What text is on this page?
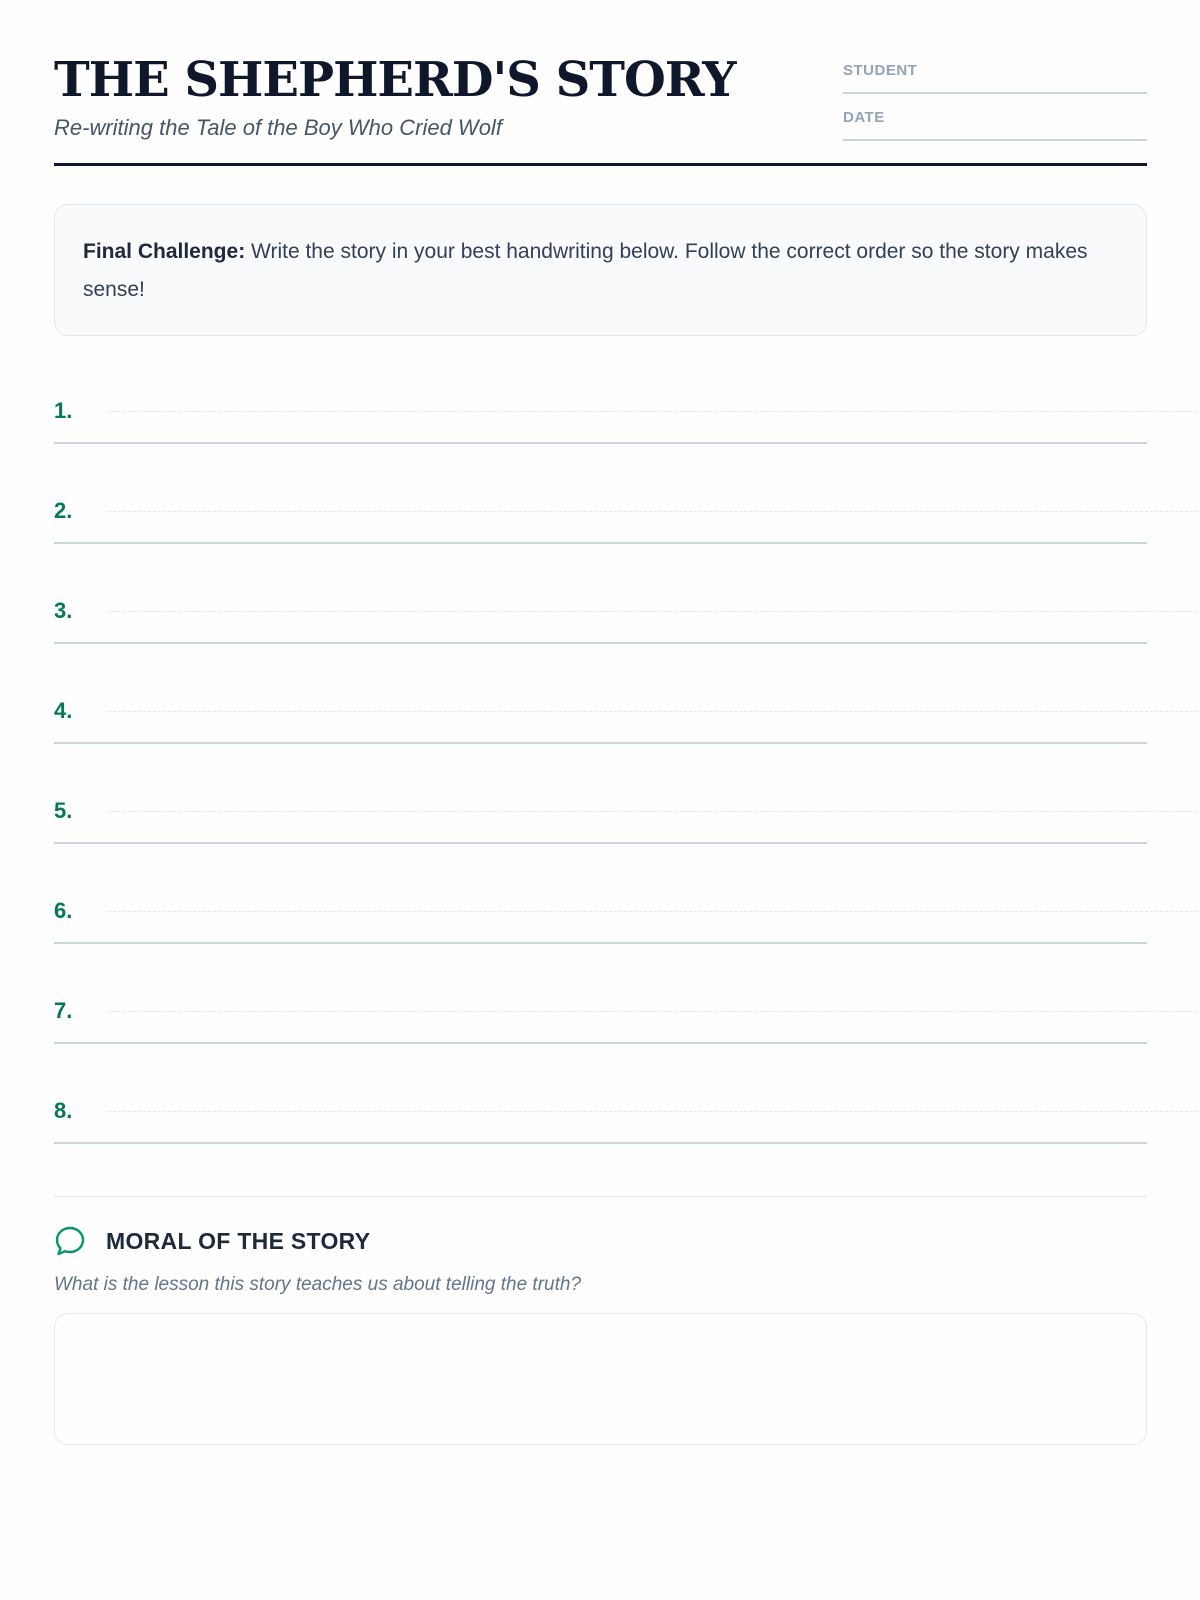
THE SHEPHERD'S STORY
Re-writing the Tale of the Boy Who Cried Wolf
STUDENT
DATE
Final Challenge: Write the story in your best handwriting below. Follow the correct order so the story makes sense!
1.
2.
3.
4.
5.
6.
7.
8.
MORAL OF THE STORY
What is the lesson this story teaches us about telling the truth?
